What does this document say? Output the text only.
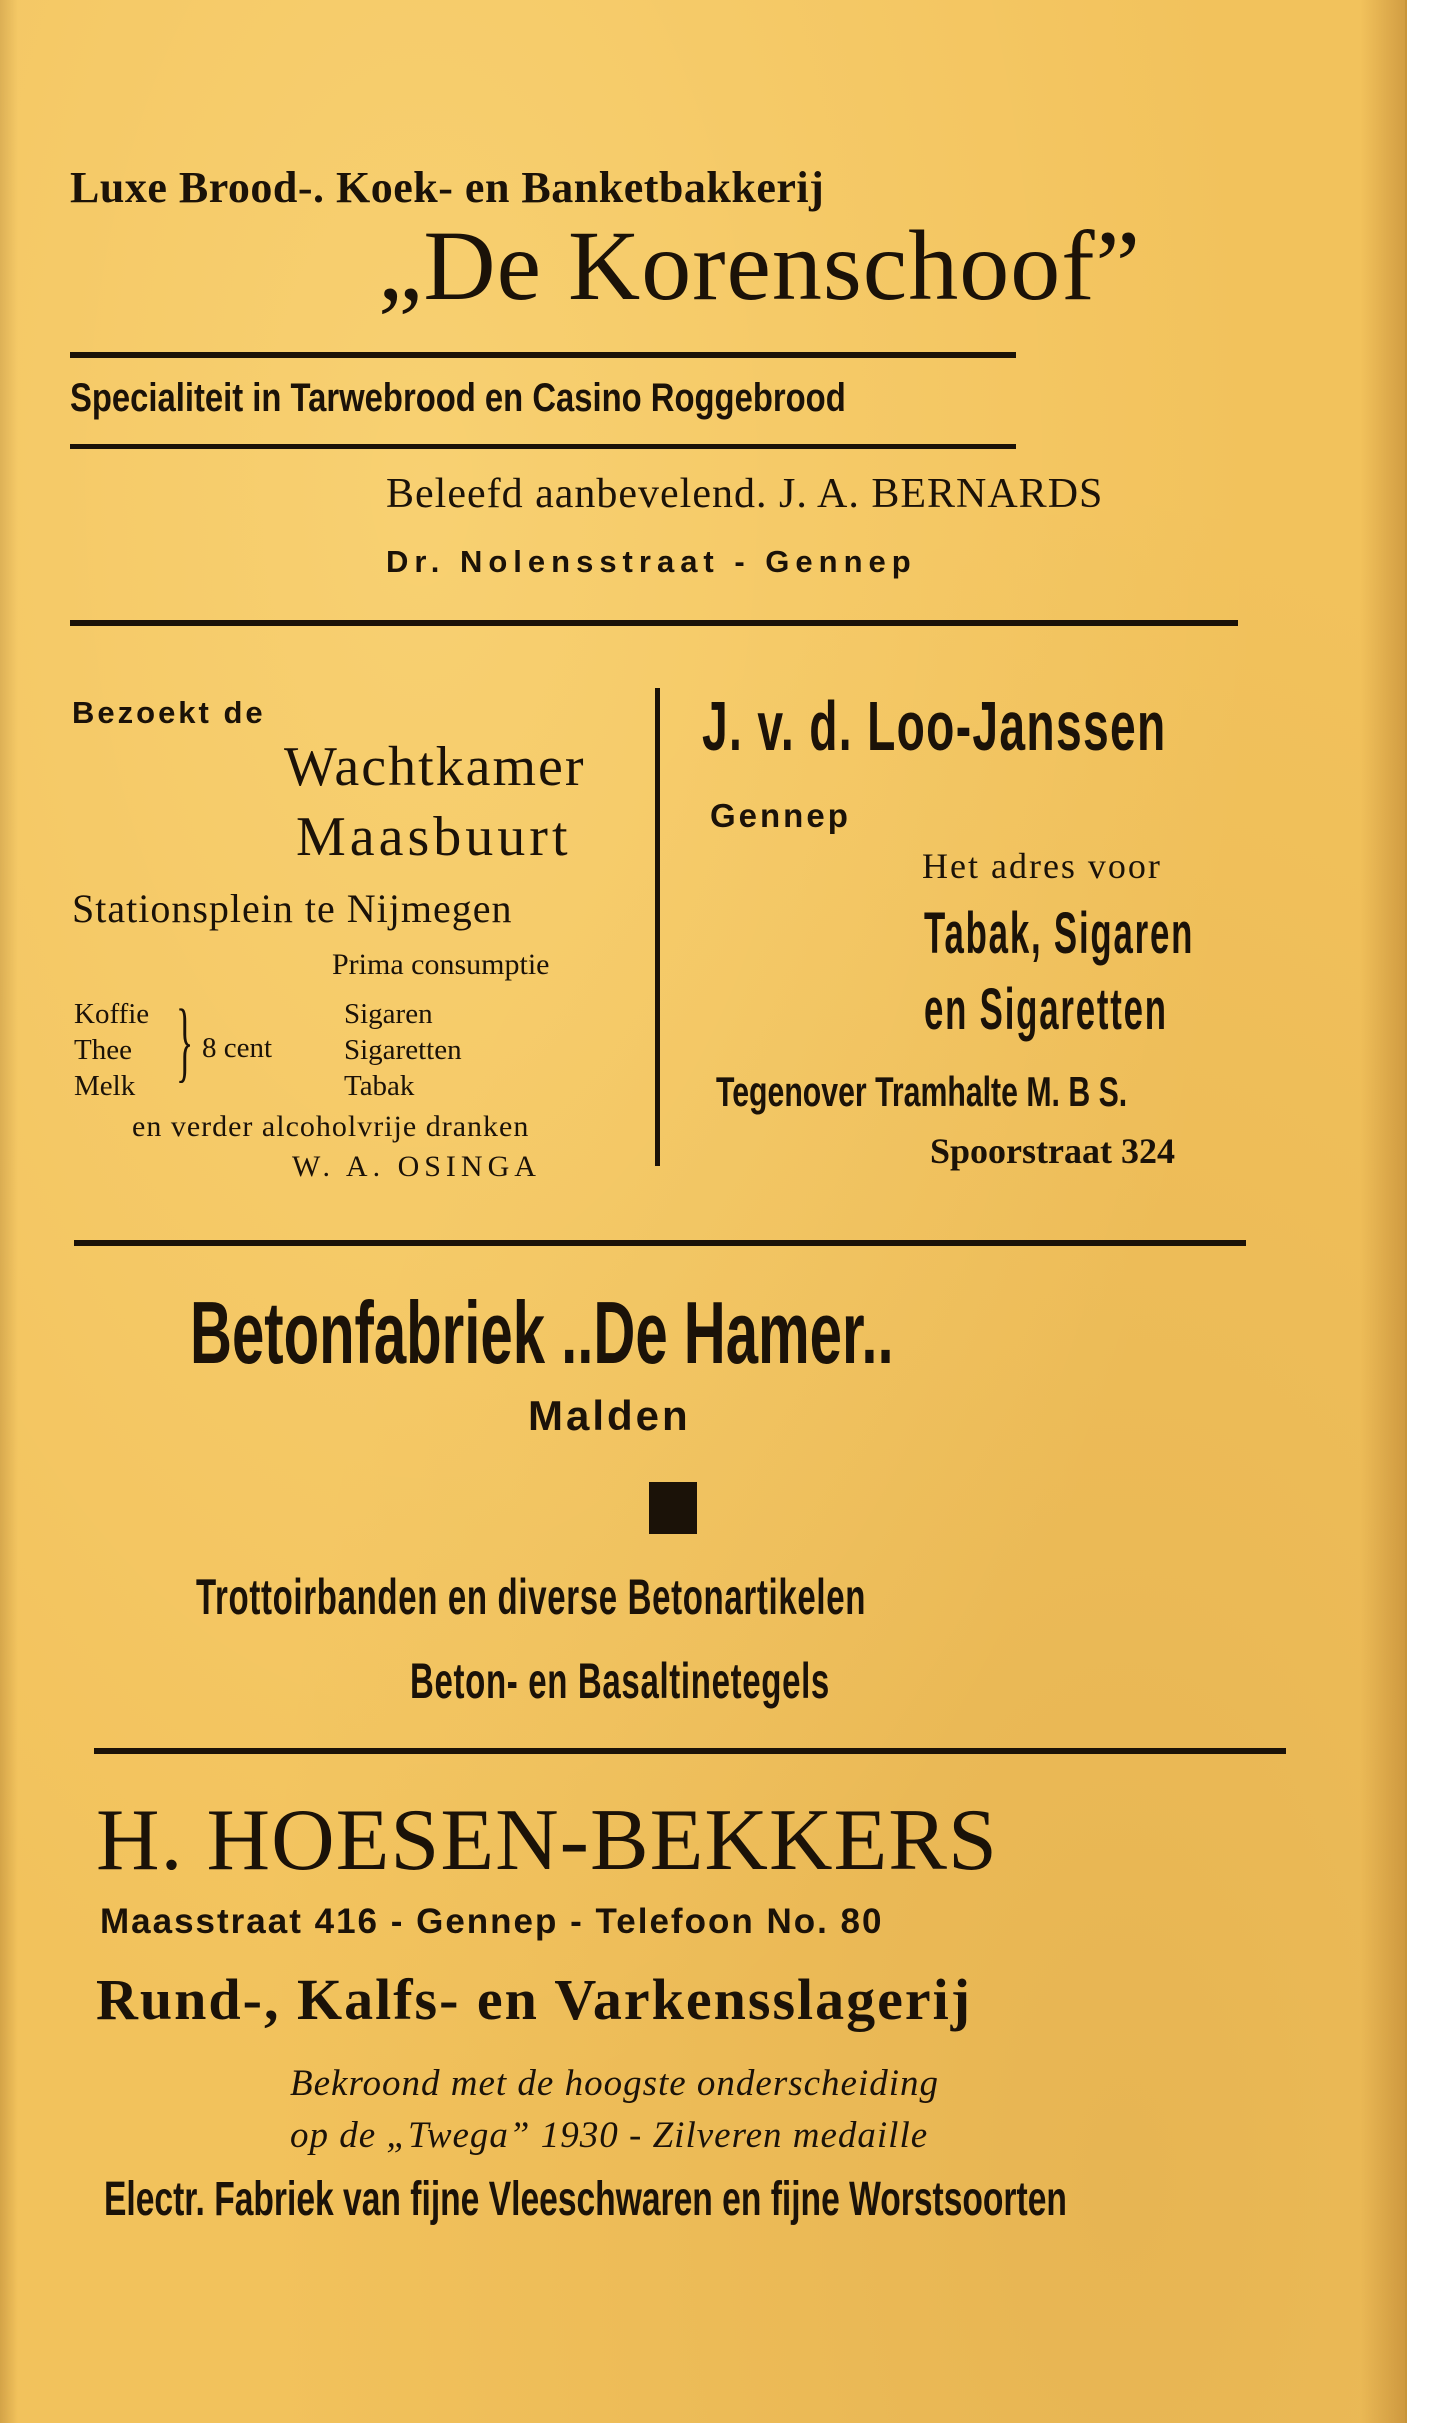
Luxe Brood-. Koek- en Banketbakkerij
„De Korenschoof”
Specialiteit in Tarwebrood en Casino Roggebrood
Beleefd aanbevelend. J. A. BERNARDS
Dr. Nolensstraat - Gennep
Bezoekt de
Wachtkamer
Maasbuurt
Stationsplein te Nijmegen
Prima consumptie
Koffie
Thee
Melk } 8 cent
Sigaren
Sigaretten
Tabak
en verder alcoholvrije dranken
W. A. OSINGA
J. v. d. Loo-Janssen
Gennep
Het adres voor
Tabak, Sigaren
en Sigaretten
Tegenover Tramhalte M. B S.
Spoorstraat 324
Betonfabriek ..De Hamer..
Malden
Trottoirbanden en diverse Betonartikelen
Beton- en Basaltinetegels
H. HOESEN-BEKKERS
Maasstraat 416 - Gennep - Telefoon No. 80
Rund-, Kalfs- en Varkensslagerij
Bekroond met de hoogste onderscheiding
op de „Twega” 1930 - Zilveren medaille
Electr. Fabriek van fijne Vleeschwaren en fijne Worstsoorten
